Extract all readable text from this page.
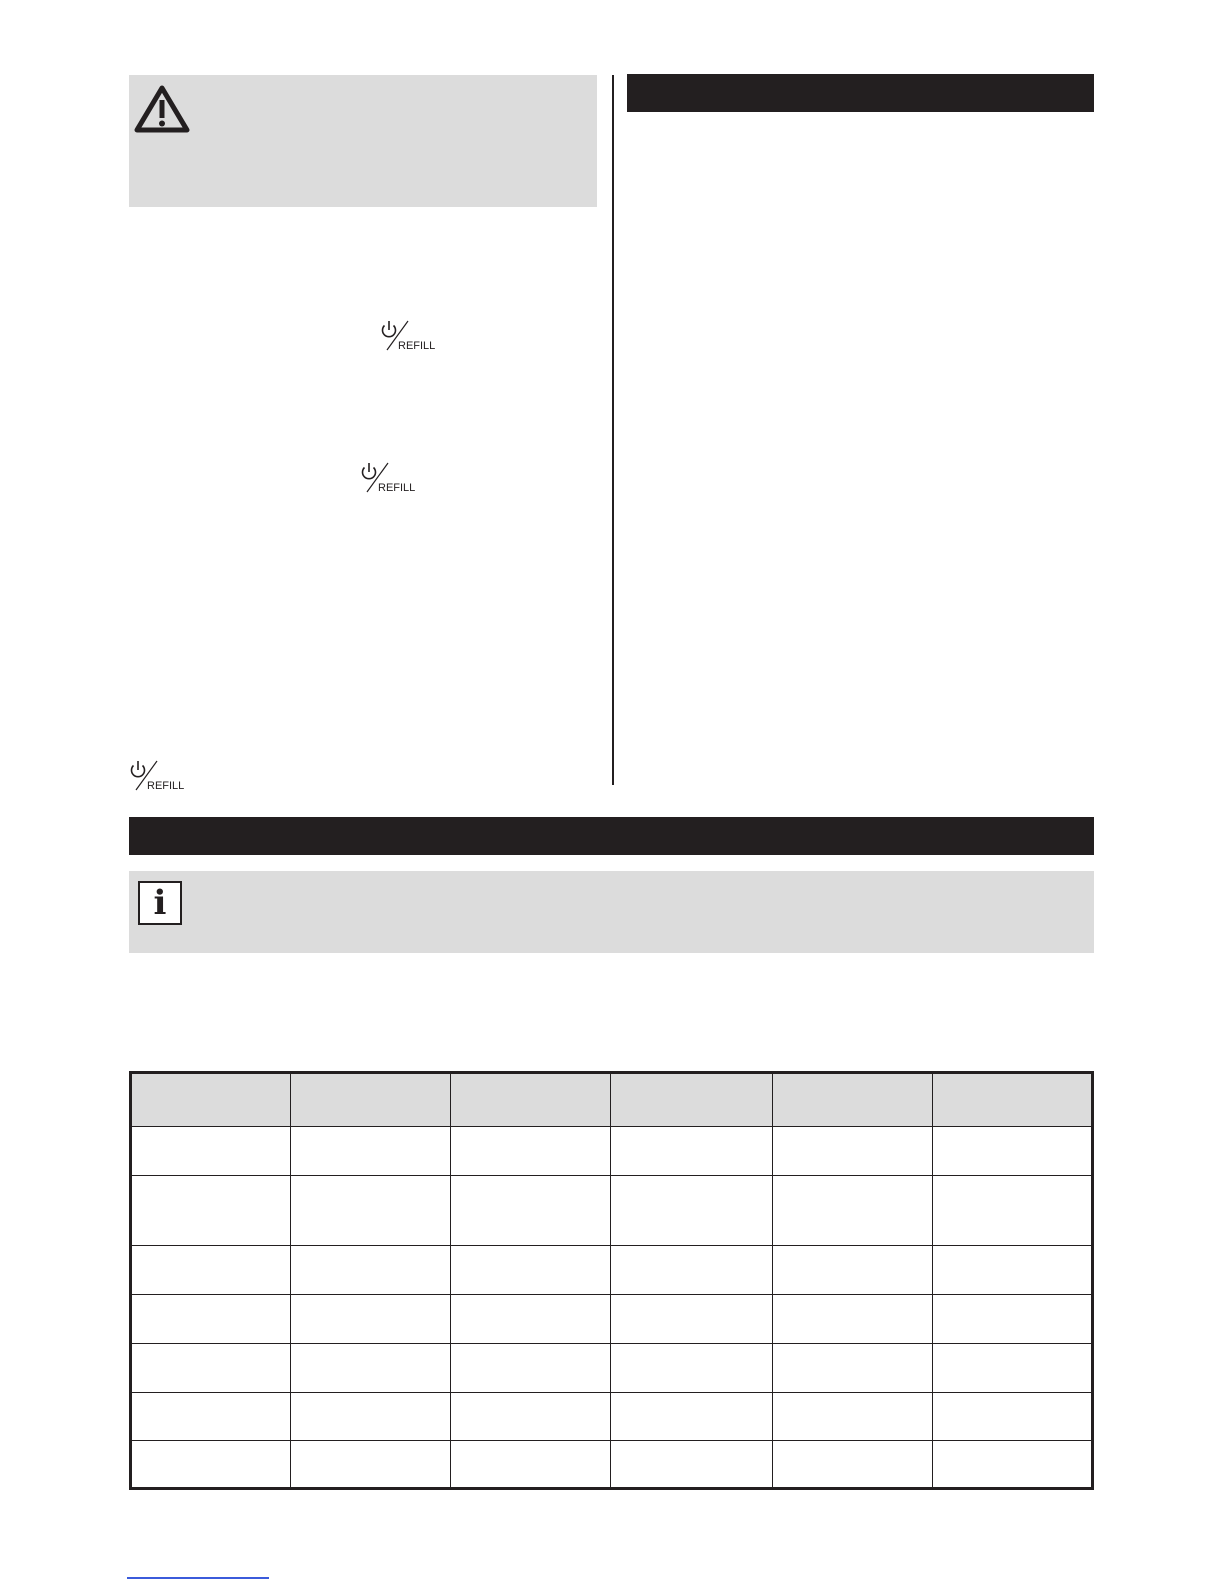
REFILL
REFILL
REFILL
i
